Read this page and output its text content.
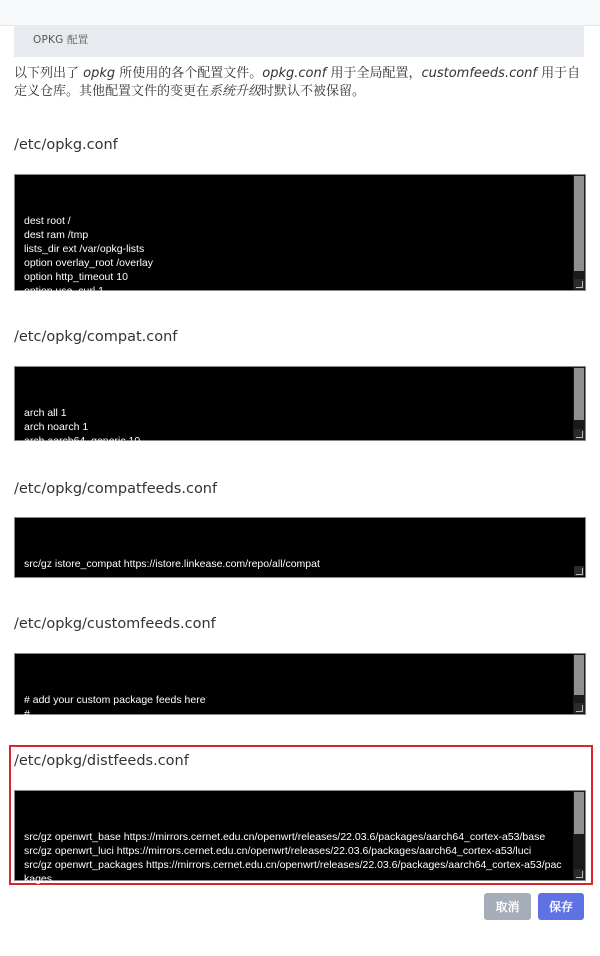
OPKG 配置
以下列出了 opkg 所使用的各个配置文件。opkg.conf 用于全局配置，customfeeds.conf 用于自定义仓库。其他配置文件的变更在系统升级时默认不被保留。
/etc/opkg.conf

dest root /
dest ram /tmp
lists_dir ext /var/opkg-lists
option overlay_root /overlay
option http_timeout 10
option use_curl 1
option check_signature

/etc/opkg/compat.conf

arch all 1
arch noarch 1
arch aarch64_generic 10
arch aarch64_cortex-a53 15

/etc/opkg/compatfeeds.conf

src/gz istore_compat https://istore.linkease.com/repo/all/compat

/etc/opkg/customfeeds.conf

# add your custom package feeds here
#
# src/gz example_feed_name http://www.example.com/path/to/files

/etc/opkg/distfeeds.conf

src/gz openwrt_base https://mirrors.cernet.edu.cn/openwrt/releases/22.03.6/packages/aarch64_cortex-a53/base
src/gz openwrt_luci https://mirrors.cernet.edu.cn/openwrt/releases/22.03.6/packages/aarch64_cortex-a53/luci
src/gz openwrt_packages https://mirrors.cernet.edu.cn/openwrt/releases/22.03.6/packages/aarch64_cortex-a53/packages

取消	保存
